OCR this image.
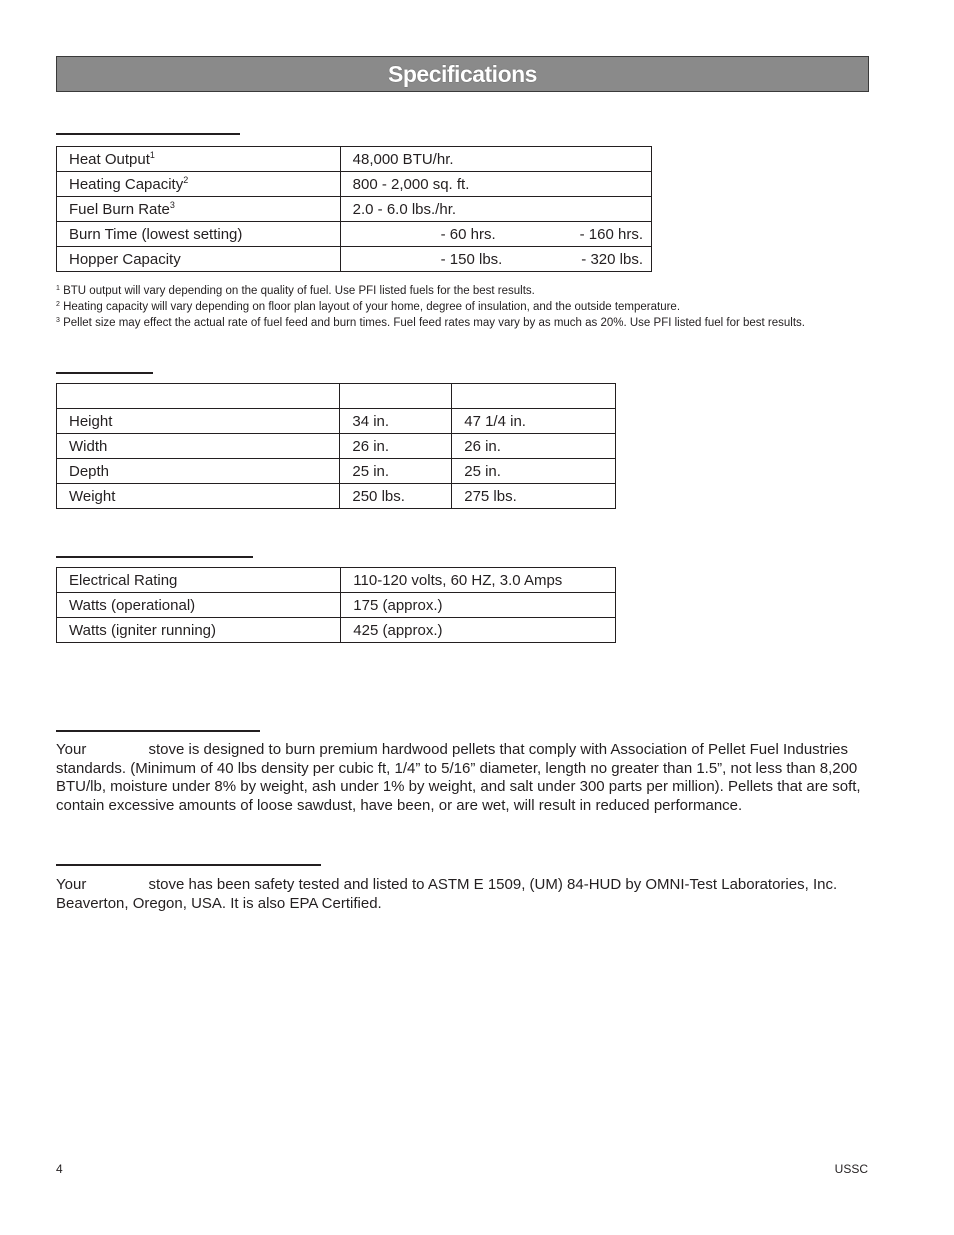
Specifications
Heat Output$^1$	48,000 BTU/hr.
Heating Capacity$^2$	800 - 2,000 sq. ft.
Fuel Burn Rate$^3$	2.0 - 6.0 lbs./hr.
Burn Time (lowest setting)	- 60 hrs. - 160 hrs.

Hopper Capacity	- 150 lbs. - 320 lbs.
$^1$ BTU output will vary depending on the quality of fuel. Use PFI listed fuels for the best results.
$^2$ Heating capacity will vary depending on floor plan layout of your home, degree of insulation, and the outside temperature.
$^3$ Pellet size may effect the actual rate of fuel feed and burn times. Fuel feed rates may vary by as much as 20%. Use PFI listed fuel for best results.

Height	34 in.	47 1/4 in.
Width	26 in.	26 in.
Depth	25 in.	25 in.
Weight	250 lbs.	275 lbs.
Electrical Rating	110-120 volts, 60 HZ, 3.0 Amps
Watts (operational)	175 (approx.)
Watts (igniter running)	425 (approx.)

Your	stove is designed to burn premium hardwood pellets that comply with Association of Pellet Fuel Industries standards. (Minimum of 40 lbs density per cubic ft, 1/4” to 5/16” diameter, length no greater than 1.5”, not less than 8,200 BTU/lb, moisture under 8% by weight, ash under 1% by weight, and salt under 300 parts per million). Pellets that are soft, contain excessive amounts of loose sawdust, have been, or are wet, will result in reduced performance.

Your	stove has been safety tested and listed to ASTM E 1509, (UM) 84-HUD by OMNI-Test Laboratories, Inc. Beaverton, Oregon, USA. It is also EPA Certified.

4	USSC
